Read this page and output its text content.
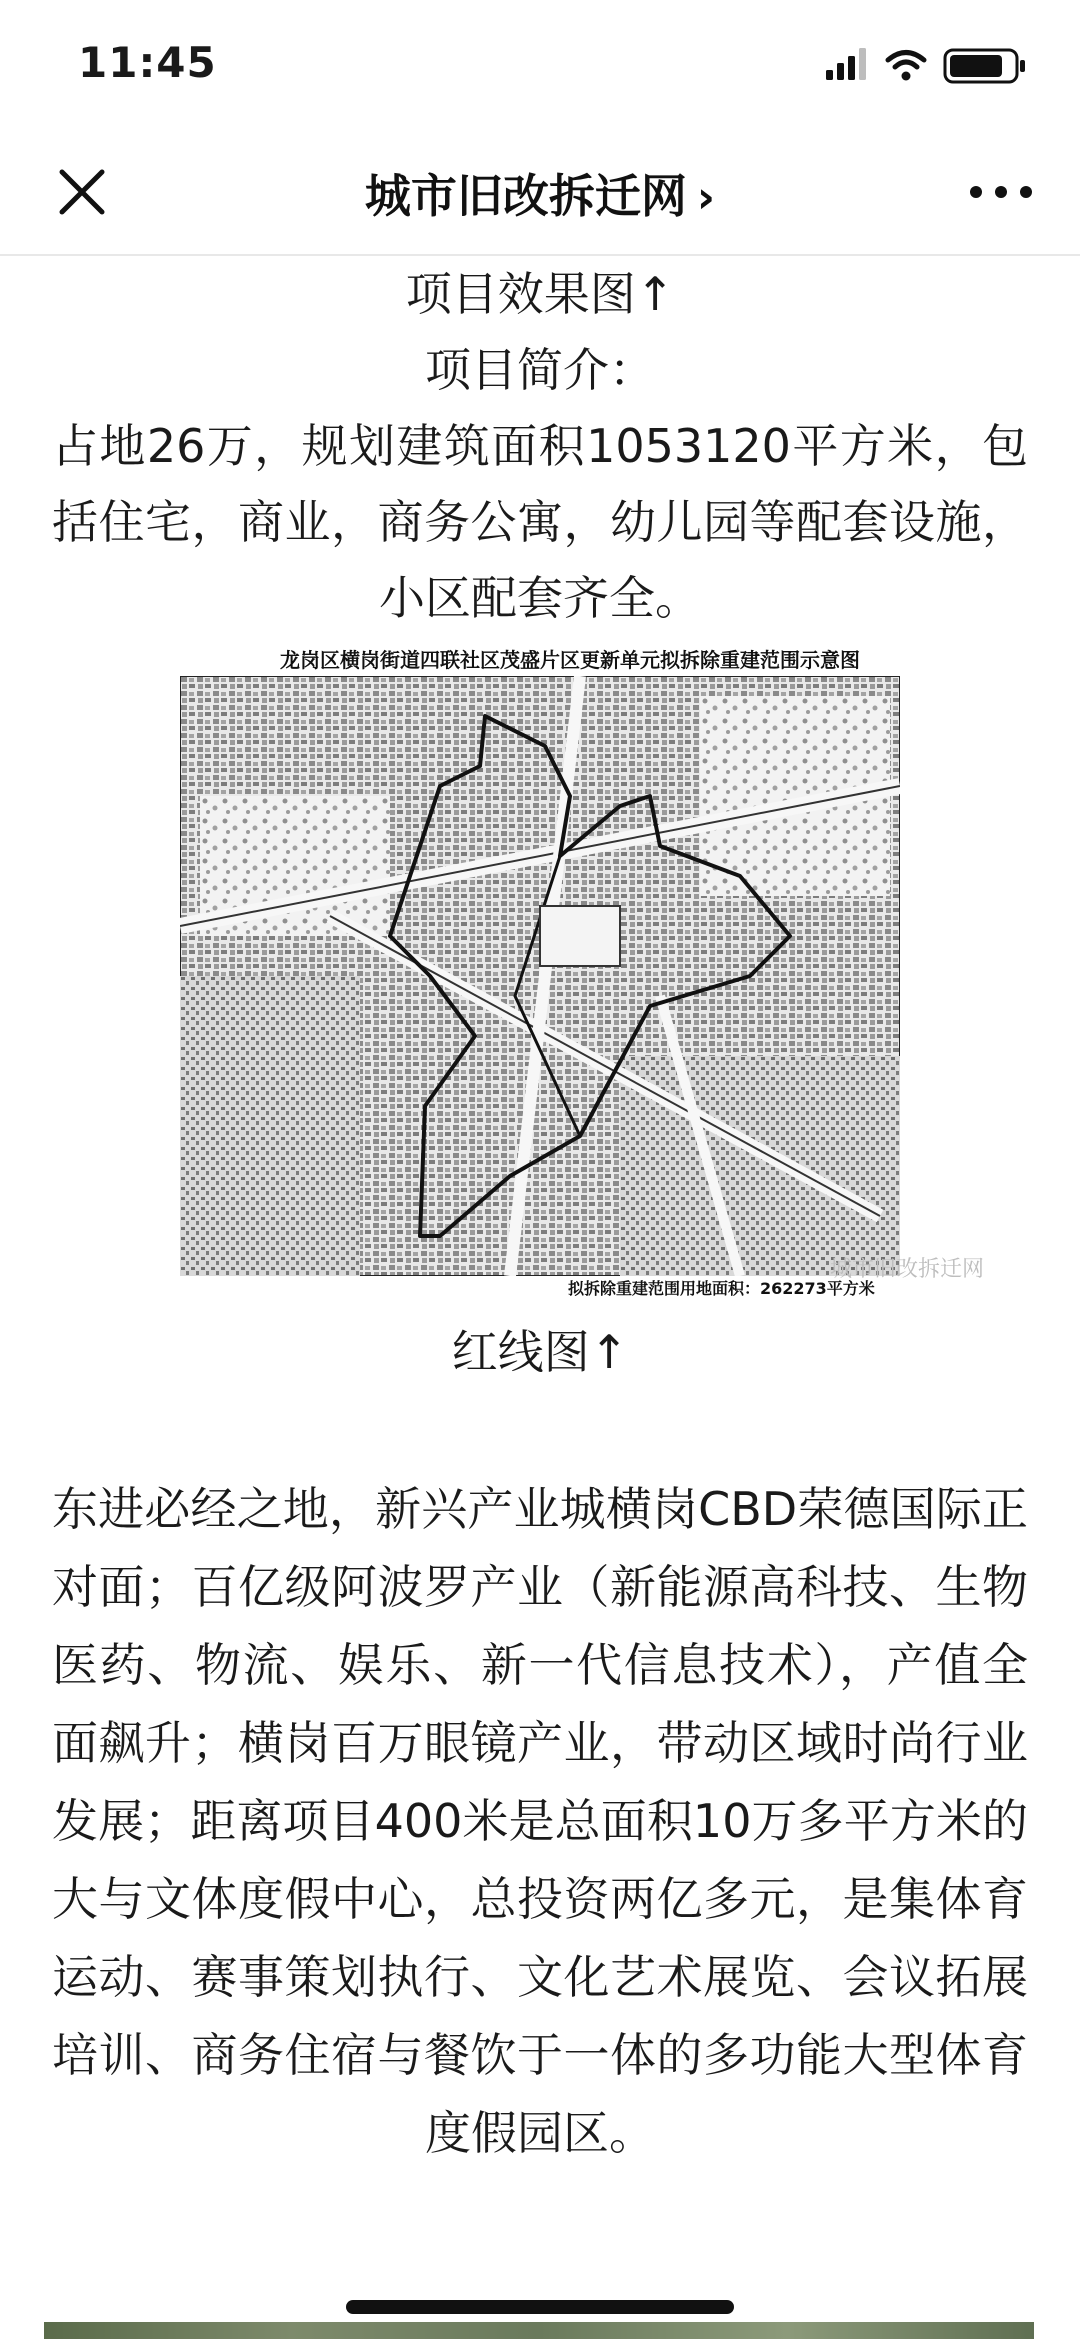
11:45
城市旧改拆迁网 ›
项目效果图↑
项目简介：
占地26万，规划建筑面积1053120平方米，包括住宅，商业，商务公寓，幼儿园等配套设施，小区配套齐全。
龙岗区横岗街道四联社区茂盛片区更新单元拟拆除重建范围示意图
城市旧改拆迁网
拟拆除重建范围用地面积：262273平方米
红线图↑
东进必经之地，新兴产业城横岗CBD荣德国际正对面；百亿级阿波罗产业（新能源高科技、生物医药、物流、娱乐、新一代信息技术），产值全面飙升；横岗百万眼镜产业，带动区域时尚行业发展；距离项目400米是总面积10万多平方米的大与文体度假中心，总投资两亿多元，是集体育运动、赛事策划执行、文化艺术展览、会议拓展培训、商务住宿与餐饮于一体的多功能大型体育度假园区。
